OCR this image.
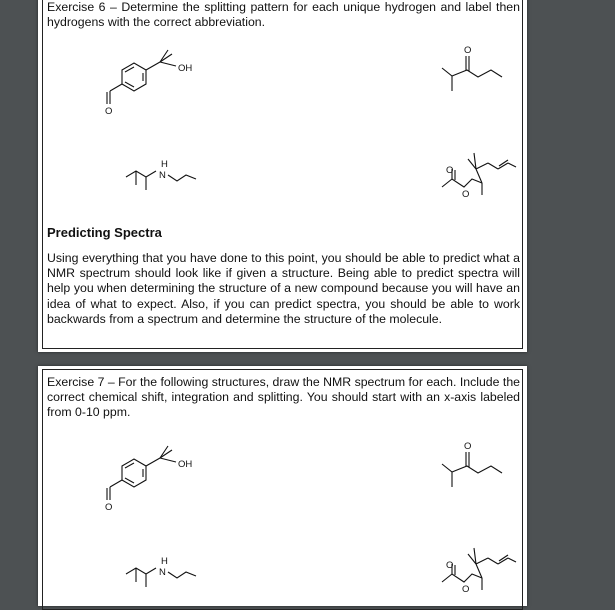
Exercise 6 – Determine the splitting pattern for each unique hydrogen and label then hydrogens with the correct abbreviation.

OH
O
O
H
N	O
O

Predicting Spectra

Using everything that you have done to this point, you should be able to predict what a NMR spectrum should look like if given a structure. Being able to predict spectra will help you when determining the structure of a new compound because you will have an idea of what to expect. Also, if you can predict spectra, you should be able to work backwards from a spectrum and determine the structure of the molecule.

Exercise 7 – For the following structures, draw the NMR spectrum for each. Include the correct chemical shift, integration and splitting. You should start with an x-axis labeled from 0-10 ppm.

OH
O
O
H
N
O
O
